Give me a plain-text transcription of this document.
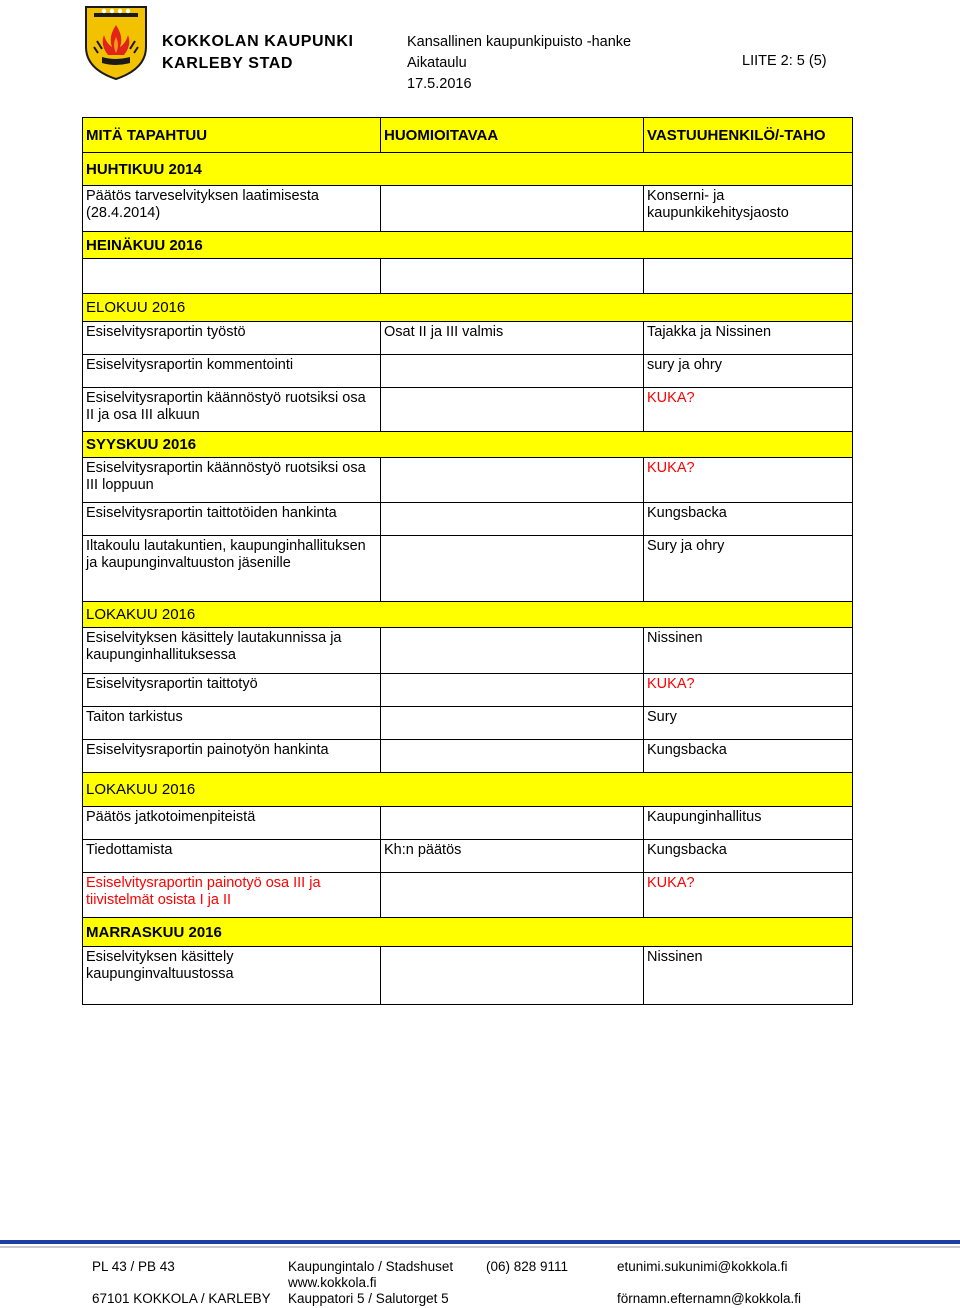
KOKKOLAN KAUPUNKI
KARLEBY STAD
Kansallinen kaupunkipuisto -hanke
Aikataulu
17.5.2016
LIITE 2: 5 (5)
MITÄ TAPAHTUU	HUOMIOITAVAA	VASTUUHENKILÖ/-TAHO
HUHTIKUU 2014		
Päätös tarveselvityksen laatimisesta (28.4.2014)		Konserni- ja kaupunkikehitysjaosto
HEINÄKUU 2016		

ELOKUU 2016		
Esiselvitysraportin työstö	Osat II ja III valmis	Tajakka ja Nissinen
Esiselvitysraportin kommentointi		sury ja ohry
Esiselvitysraportin käännöstyö ruotsiksi osa II ja osa III alkuun		KUKA?
SYYSKUU 2016		
Esiselvitysraportin käännöstyö ruotsiksi osa III loppuun		KUKA?
Esiselvitysraportin taittotöiden hankinta		Kungsbacka
Iltakoulu lautakuntien, kaupunginhallituksen ja kaupunginvaltuuston jäsenille		Sury ja ohry
LOKAKUU 2016		
Esiselvityksen käsittely lautakunnissa ja kaupunginhallituksessa		Nissinen
Esiselvitysraportin taittotyö		KUKA?
Taiton tarkistus		Sury
Esiselvitysraportin painotyön hankinta		Kungsbacka
LOKAKUU 2016		
Päätös jatkotoimenpiteistä		Kaupunginhallitus
Tiedottamista	Kh:n päätös	Kungsbacka
Esiselvitysraportin painotyö osa III ja tiivistelmät osista I ja II		KUKA?
MARRASKUU 2016		
Esiselvityksen käsittely kaupunginvaltuustossa		Nissinen
PL 43 / PB 43
67101 KOKKOLA / KARLEBY
Kaupungintalo / Stadshuset
www.kokkola.fi
Kauppatori 5 / Salutorget 5
(06) 828 9111	etunimi.sukunimi@kokkola.fi
förnamn.efternamn@kokkola.fi
